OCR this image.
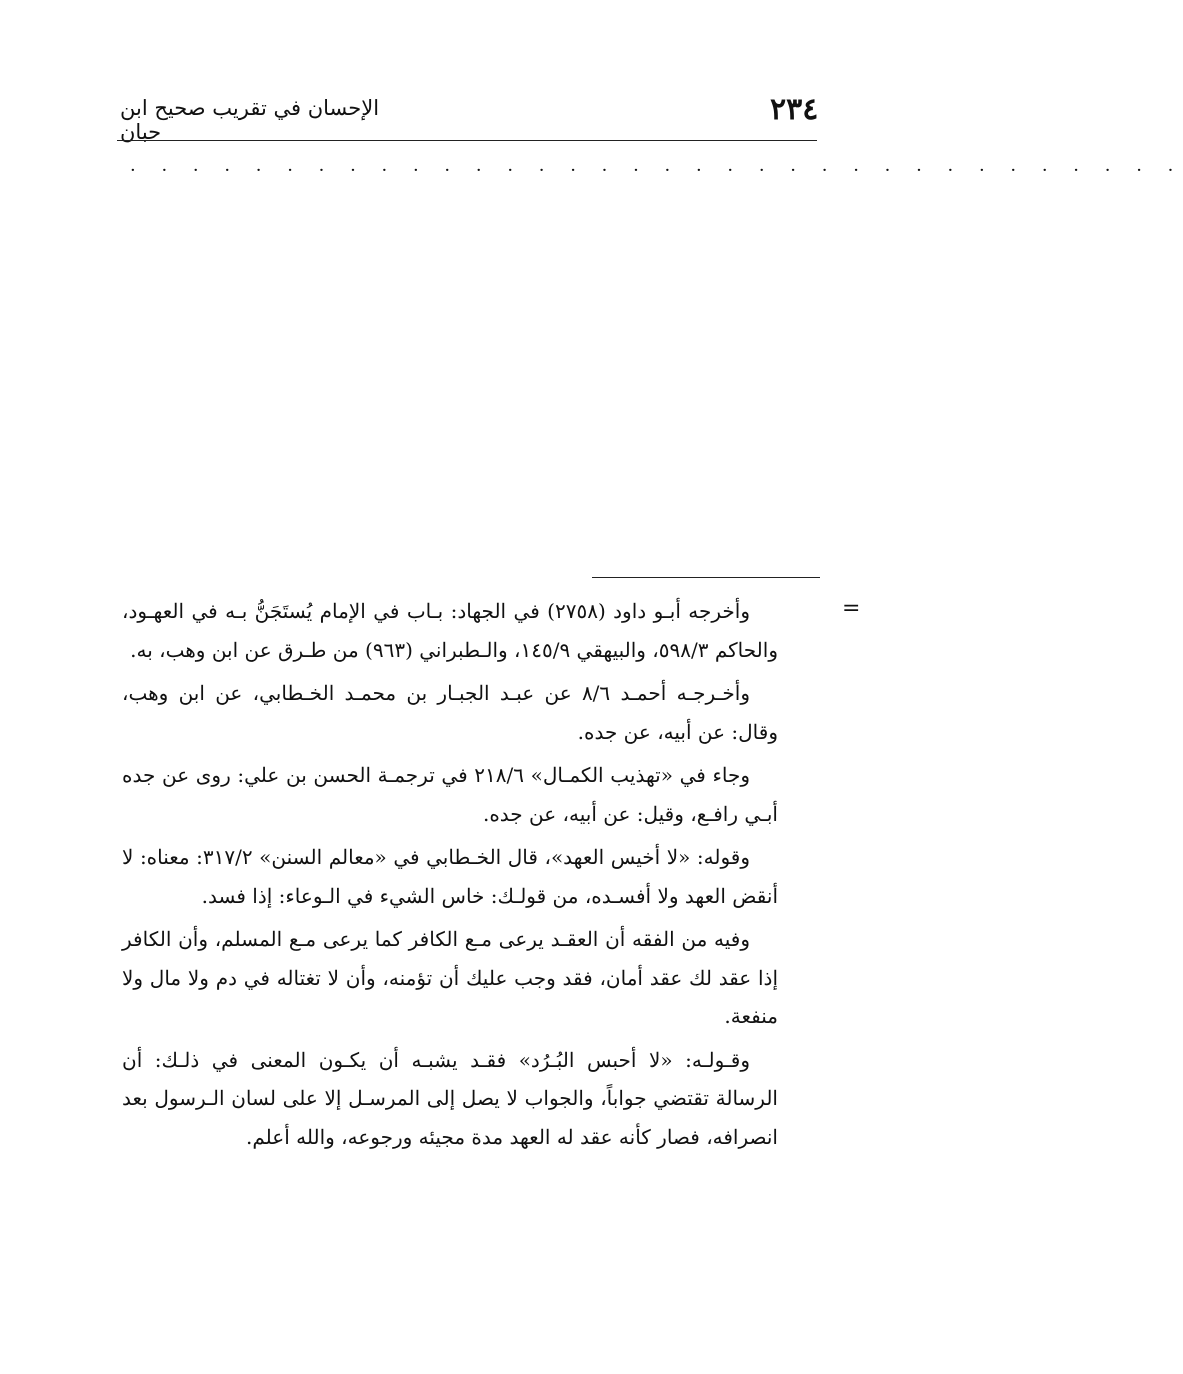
٢٣٤
الإحسان في تقريب صحيح ابن حبان
· · · · · · · · · · · · · · · · · · · · · · · · · · · · · · · · · ·
=

وأخرجه أبـو داود (٢٧٥٨) في الجهاد: بـاب في الإمام يُستَجَنُّ بـه في العهـود، والحاكم ٥٩٨/٣، والبيهقي ١٤٥/٩، والـطبراني (٩٦٣) من طـرق عن ابن وهب، به.

وأخـرجـه أحمـد ٨/٦ عن عبـد الجبـار بن محمـد الخـطابي، عن ابن وهب، وقال: عن أبيه، عن جده.

وجاء في «تهذيب الكمـال» ٢١٨/٦ في ترجمـة الحسن بن علي: روى عن جده أبـي رافـع، وقيل: عن أبيه، عن جده.

وقوله: «لا أخيس العهد»، قال الخـطابي في «معالم السنن» ٣١٧/٢: معناه: لا أنقض العهد ولا أفسـده، من قولـك: خاس الشيء في الـوعاء: إذا فسد.

وفيه من الفقه أن العقـد يرعى مـع الكافر كما يرعى مـع المسلم، وأن الكافر إذا عقد لك عقد أمان، فقد وجب عليك أن تؤمنه، وأن لا تغتاله في دم ولا مال ولا منفعة.

وقـولـه: «لا أحبس البُـرُد» فقـد يشبـه أن يكـون المعنى في ذلـك: أن الرسالة تقتضي جواباً، والجواب لا يصل إلى المرسـل إلا على لسان الـرسول بعد انصرافه، فصار كأنه عقد له العهد مدة مجيئه ورجوعه، والله أعلم.
